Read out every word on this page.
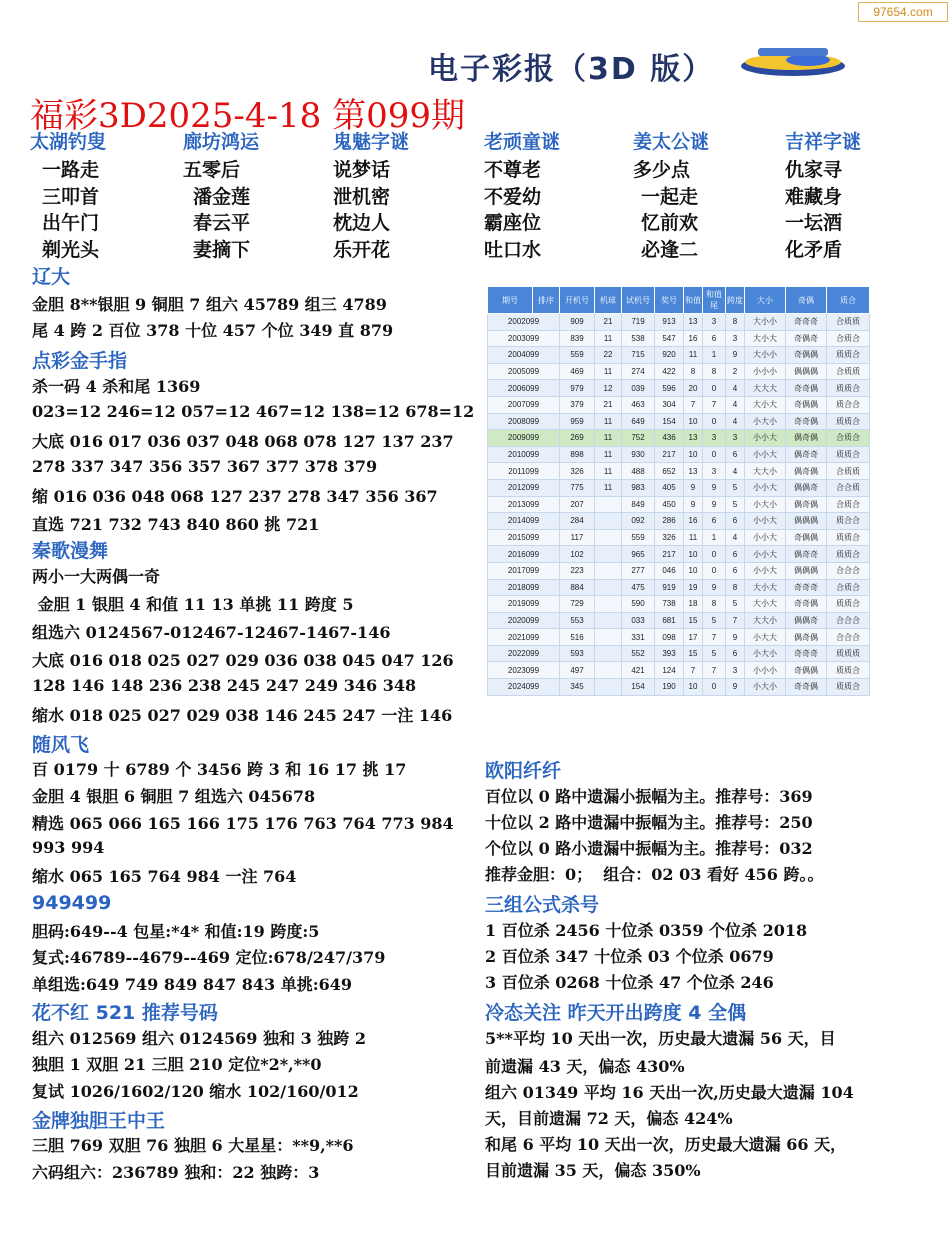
97654.com
电子彩报（3D 版）
福彩3D2025-4-18 第099期
太湖钓叟
一路走
三叩首
出午门
剃光头
廊坊鸿运
五零后
潘金莲
春云平
妻摘下
鬼魅字谜
说梦话
泄机密
枕边人
乐开花
老顽童谜
不尊老
不爱幼
霸座位
吐口水
姜太公谜
多少点
一起走
忆前欢
必逢二
吉祥字谜
仇家寻
难藏身
一坛酒
化矛盾
辽大
金胆 8**银胆 9 铜胆 7 组六 45789 组三 4789
尾 4 跨 2 百位 378 十位 457 个位 349 直 879
点彩金手指
杀一码 4 杀和尾 1369
023=12 246=12 057=12 467=12 138=12 678=12
大底 016 017 036 037 048 068 078 127 137 237
278 337 347 356 357 367 377 378 379
缩 016 036 048 068 127 237 278 347 356 367
直选 721 732 743 840 860 挑 721
秦歌漫舞
两小一大两偶一奇
金胆 1 银胆 4 和值 11 13 单挑 11 跨度 5
组选六 0124567-012467-12467-1467-146
大底 016 018 025 027 029 036 038 045 047 126
128 146 148 236 238 245 247 249 346 348
缩水 018 025 027 029 038 146 245 247 一注 146
随风飞
百 0179 十 6789 个 3456 跨 3 和 16 17 挑 17
金胆 4 银胆 6 铜胆 7 组选六 045678
精选 065 066 165 166 175 176 763 764 773 984
993 994
缩水 065 165 764 984 一注 764
949499
胆码:649--4 包星:*4* 和值:19 跨度:5
复式:46789--4679--469 定位:678/247/379
单组选:649 749 849 847 843 单挑:649
花不红 521 推荐号码
组六 012569 组六 0124569 独和 3 独跨 2
独胆 1 双胆 21 三胆 210 定位*2*,**0
复试 1026/1602/120 缩水 102/160/012
金牌独胆王中王
三胆 769 双胆 76 独胆 6 大星星：**9,**6
六码组六：236789 独和：22 独跨：3
期号	排序	开机号	机球	试机号	奖号	和值	和值尾	跨度	大小	奇偶	质合
2002099		909	21	719	913	13	3	8	大小小	奇奇奇	合质质
2003099		839	11	538	547	16	6	3	大小大	奇偶奇	合质合
2004099		559	22	715	920	11	1	9	大小小	奇偶偶	质质合
2005099		469	11	274	422	8	8	2	小小小	偶偶偶	合质质
2006099		979	12	039	596	20	0	4	大大大	奇奇偶	质质合
2007099		379	21	463	304	7	7	4	大小大	奇偶偶	质合合
2008099		959	11	649	154	10	0	4	小大小	奇奇偶	质质合
2009099		269	11	752	436	13	3	3	小小大	偶奇偶	合质合
2010099		898	11	930	217	10	0	6	小小大	偶奇奇	质质合
2011099		326	11	488	652	13	3	4	大大小	偶奇偶	合质质
2012099		775	11	983	405	9	9	5	小小大	偶偶奇	合合质
2013099		207		849	450	9	9	5	小大小	偶奇偶	合质合
2014099		284		092	286	16	6	6	小小大	偶偶偶	质合合
2015099		117		559	326	11	1	4	小小大	奇偶偶	质质合
2016099		102		965	217	10	0	6	小小大	偶奇奇	质质合
2017099		223		277	046	10	0	6	小小大	偶偶偶	合合合
2018099		884		475	919	19	9	8	大小大	奇奇奇	合质合
2019099		729		590	738	18	8	5	大小大	奇奇偶	质质合
2020099		553		033	681	15	5	7	大大小	偶偶奇	合合合
2021099		516		331	098	17	7	9	小大大	偶奇偶	合合合
2022099		593		552	393	15	5	6	小大小	奇奇奇	质质质
2023099		497		421	124	7	7	3	小小小	奇偶偶	质质合
2024099		345		154	190	10	0	9	小大小	奇奇偶	质质合
欧阳纤纤
百位以 0 路中遗漏小振幅为主。推荐号：369
十位以 2 路中遗漏中振幅为主。推荐号：250
个位以 0 路小遗漏中振幅为主。推荐号：032
推荐金胆：0；  组合：02 03 看好 456 跨。。
三组公式杀号
1 百位杀 2456 十位杀 0359 个位杀 2018
2 百位杀 347 十位杀 03 个位杀 0679
3 百位杀 0268 十位杀 47 个位杀 246
冷态关注 昨天开出跨度 4 全偶
5**平均 10 天出一次，历史最大遗漏 56 天，目
前遗漏 43 天，偏态 430%
组六 01349 平均 16 天出一次,历史最大遗漏 104
天，目前遗漏 72 天，偏态 424%
和尾 6 平均 10 天出一次，历史最大遗漏 66 天，
目前遗漏 35 天，偏态 350%
